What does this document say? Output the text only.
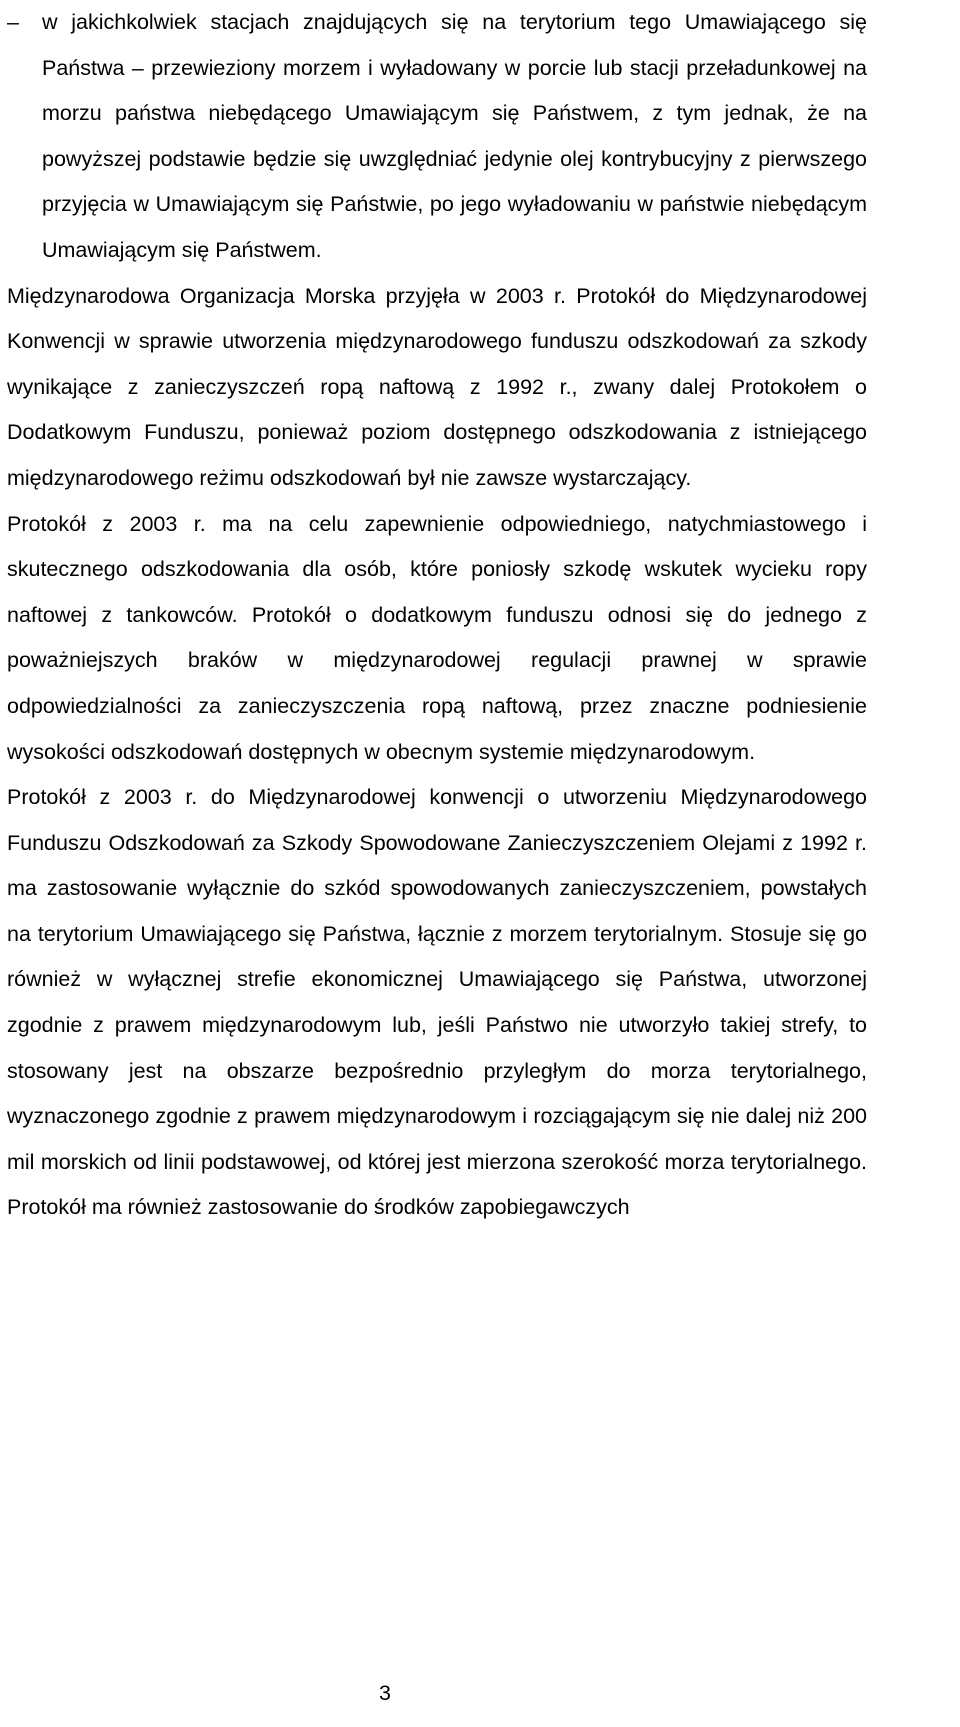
– w jakichkolwiek stacjach znajdujących się na terytorium tego Umawiającego się Państwa – przewieziony morzem i wyładowany w porcie lub stacji przeładunkowej na morzu państwa niebędącego Umawiającym się Państwem, z tym jednak, że na powyższej podstawie będzie się uwzględniać jedynie olej kontrybucyjny z pierwszego przyjęcia w Umawiającym się Państwie, po jego wyładowaniu w państwie niebędącym Umawiającym się Państwem.

Międzynarodowa Organizacja Morska przyjęła w 2003 r. Protokół do Międzynarodowej Konwencji w sprawie utworzenia międzynarodowego funduszu odszkodowań za szkody wynikające z zanieczyszczeń ropą naftową z 1992 r., zwany dalej Protokołem o Dodatkowym Funduszu, ponieważ poziom dostępnego odszkodowania z istniejącego międzynarodowego reżimu odszkodowań był nie zawsze wystarczający.

Protokół z 2003 r. ma na celu zapewnienie odpowiedniego, natychmiastowego i skutecznego odszkodowania dla osób, które poniosły szkodę wskutek wycieku ropy naftowej z tankowców. Protokół o dodatkowym funduszu odnosi się do jednego z poważniejszych braków w międzynarodowej regulacji prawnej w sprawie odpowiedzialności za zanieczyszczenia ropą naftową, przez znaczne podniesienie wysokości odszkodowań dostępnych w obecnym systemie międzynarodowym.

Protokół z 2003 r. do Międzynarodowej konwencji o utworzeniu Międzynarodowego Funduszu Odszkodowań za Szkody Spowodowane Zanieczyszczeniem Olejami z 1992 r. ma zastosowanie wyłącznie do szkód spowodowanych zanieczyszczeniem, powstałych na terytorium Umawiającego się Państwa, łącznie z morzem terytorialnym. Stosuje się go również w wyłącznej strefie ekonomicznej Umawiającego się Państwa, utworzonej zgodnie z prawem międzynarodowym lub, jeśli Państwo nie utworzyło takiej strefy, to stosowany jest na obszarze bezpośrednio przyległym do morza terytorialnego, wyznaczonego zgodnie z prawem międzynarodowym i rozciągającym się nie dalej niż 200 mil morskich od linii podstawowej, od której jest mierzona szerokość morza terytorialnego. Protokół ma również zastosowanie do środków zapobiegawczych

3
